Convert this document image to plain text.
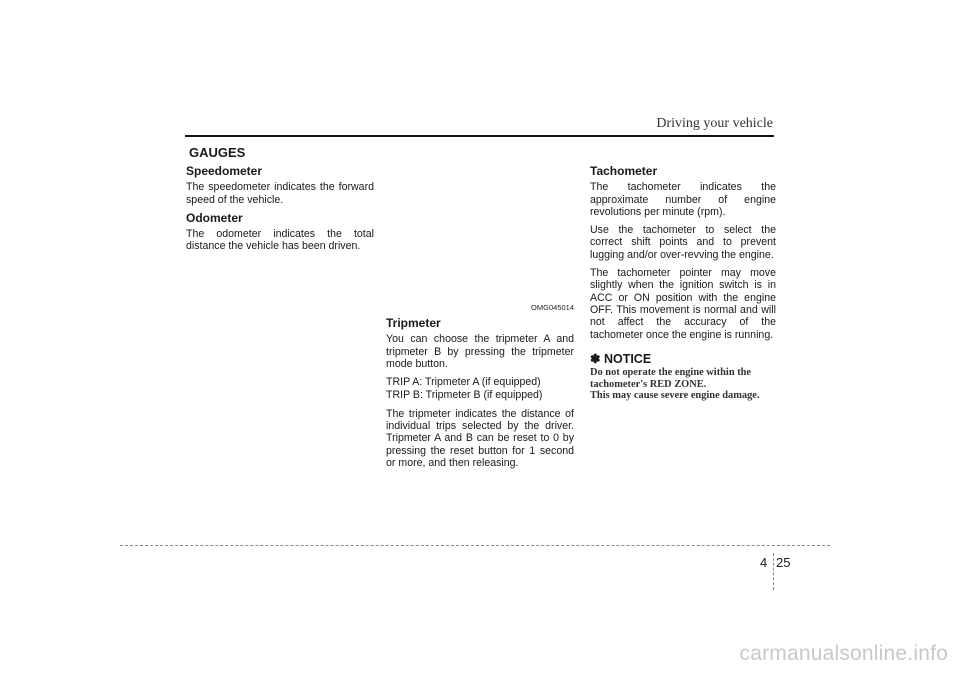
Driving your vehicle
GAUGES
Speedometer

The speedometer indicates the forward speed of the vehicle.

Odometer

The odometer indicates the total distance the vehicle has been driven.

OMG045014
Tripmeter

You can choose the tripmeter A and tripmeter B by pressing the tripmeter mode button.

TRIP A: Tripmeter A (if equipped)

TRIP B: Tripmeter B (if equipped)

The tripmeter indicates the distance of individual trips selected by the driver. Tripmeter A and B can be reset to 0 by pressing the reset button for 1 second or more, and then releasing.

Tachometer

The tachometer indicates the approximate number of engine revolutions per minute (rpm).

Use the tachometer to select the correct shift points and to prevent lugging and/or over-revving the engine.

The tachometer pointer may move slightly when the ignition switch is in ACC or ON position with the engine OFF. This movement is normal and will not affect the accuracy of the tachometer once the engine is running.

✽ NOTICE
Do not operate the engine within the tachometer's RED ZONE.
This may cause severe engine damage.
4 25
carmanualsonline.info
